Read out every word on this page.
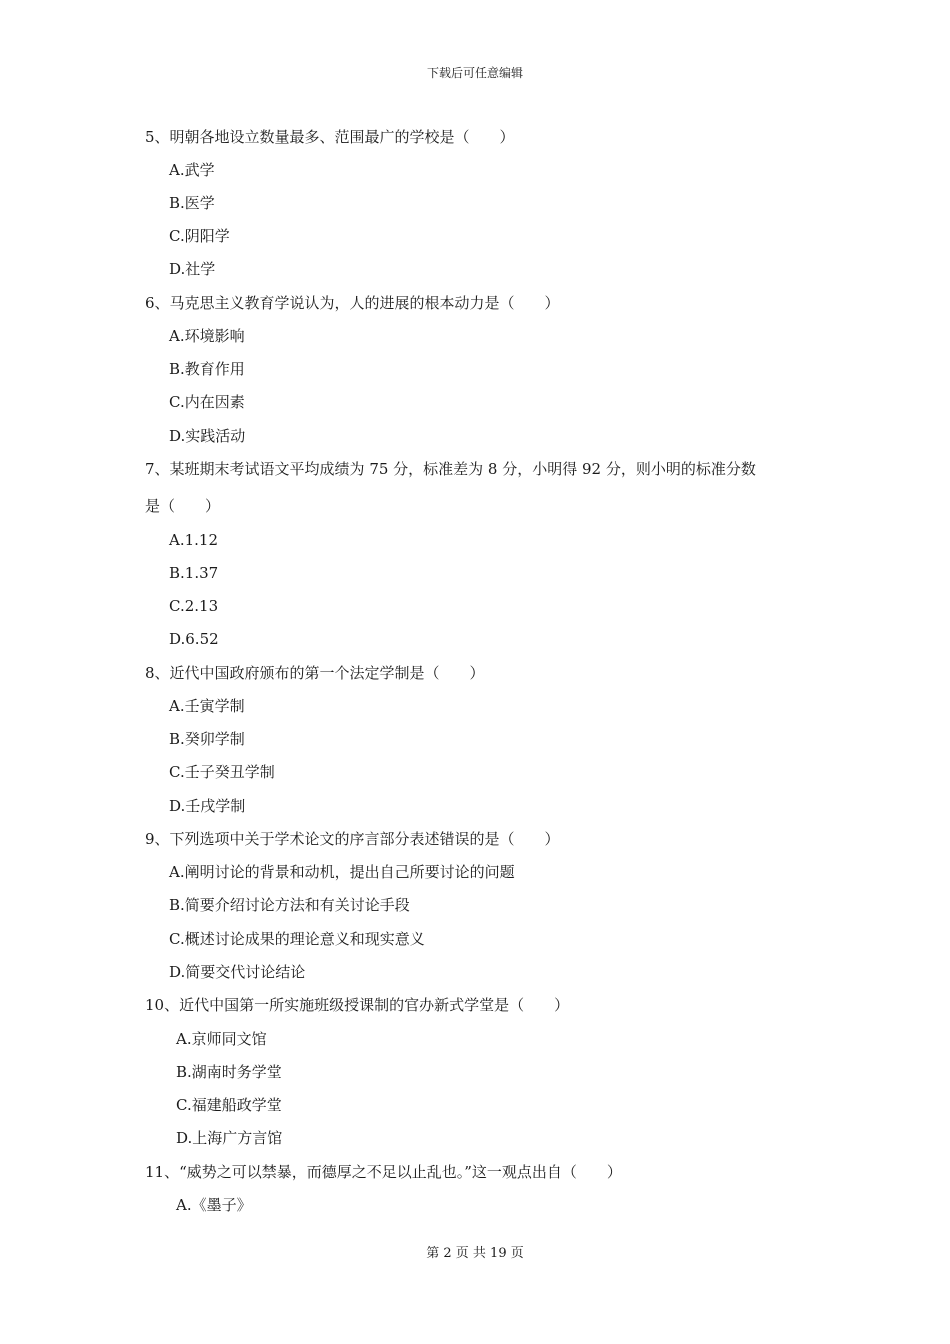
下载后可任意编辑
5、明朝各地设立数量最多、范围最广的学校是（　　）
A.武学
B.医学
C.阴阳学
D.社学
6、马克思主义教育学说认为，人的进展的根本动力是（　　）
A.环境影响
B.教育作用
C.内在因素
D.实践活动
7、某班期末考试语文平均成绩为 75 分，标准差为 8 分，小明得 92 分，则小明的标准分数
是（　　）
A.1.12
B.1.37
C.2.13
D.6.52
8、近代中国政府颁布的第一个法定学制是（　　）
A.壬寅学制
B.癸卯学制
C.壬子癸丑学制
D.壬戌学制
9、下列选项中关于学术论文的序言部分表述错误的是（　　）
A.阐明讨论的背景和动机，提出自己所要讨论的问题
B.简要介绍讨论方法和有关讨论手段
C.概述讨论成果的理论意义和现实意义
D.简要交代讨论结论
10、近代中国第一所实施班级授课制的官办新式学堂是（　　）
A.京师同文馆
B.湖南时务学堂
C.福建船政学堂
D.上海广方言馆
11、“威势之可以禁暴，而德厚之不足以止乱也。”这一观点出自（　　）
A.《墨子》
第 2 页 共 19 页
